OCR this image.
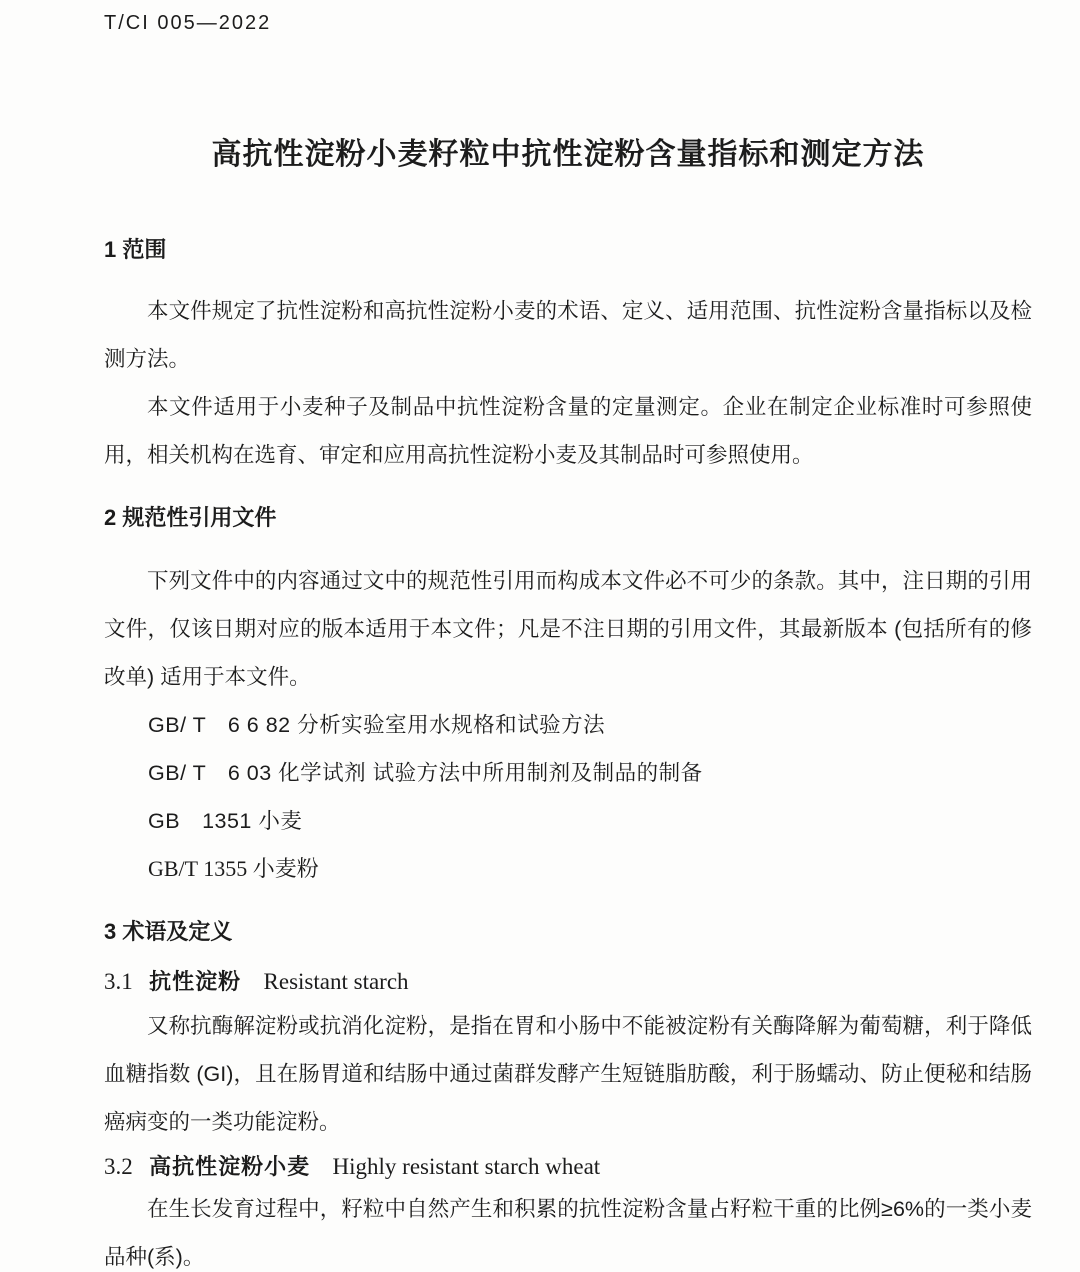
T/CI 005—2022
高抗性淀粉小麦籽粒中抗性淀粉含量指标和测定方法
1 范围

本文件规定了抗性淀粉和高抗性淀粉小麦的术语、定义、适用范围、抗性淀粉含量指标以及检测方法。

本文件适用于小麦种子及制品中抗性淀粉含量的定量测定。企业在制定企业标准时可参照使用，相关机构在选育、审定和应用高抗性淀粉小麦及其制品时可参照使用。

2 规范性引用文件

下列文件中的内容通过文中的规范性引用而构成本文件必不可少的条款。其中，注日期的引用文件，仅该日期对应的版本适用于本文件；凡是不注日期的引用文件，其最新版本 (包括所有的修改单) 适用于本文件。

GB/ T　6 6 82 分析实验室用水规格和试验方法
GB/ T　6 03 化学试剂 试验方法中所用制剂及制品的制备
GB　1351 小麦
GB/T 1355 小麦粉
3 术语及定义
3.1 抗性淀粉 Resistant starch

又称抗酶解淀粉或抗消化淀粉，是指在胃和小肠中不能被淀粉有关酶降解为葡萄糖，利于降低血糖指数 (GI)，且在肠胃道和结肠中通过菌群发酵产生短链脂肪酸，利于肠蠕动、防止便秘和结肠癌病变的一类功能淀粉。

3.2 高抗性淀粉小麦 Highly resistant starch wheat

在生长发育过程中，籽粒中自然产生和积累的抗性淀粉含量占籽粒干重的比例≥6%的一类小麦品种(系)。
